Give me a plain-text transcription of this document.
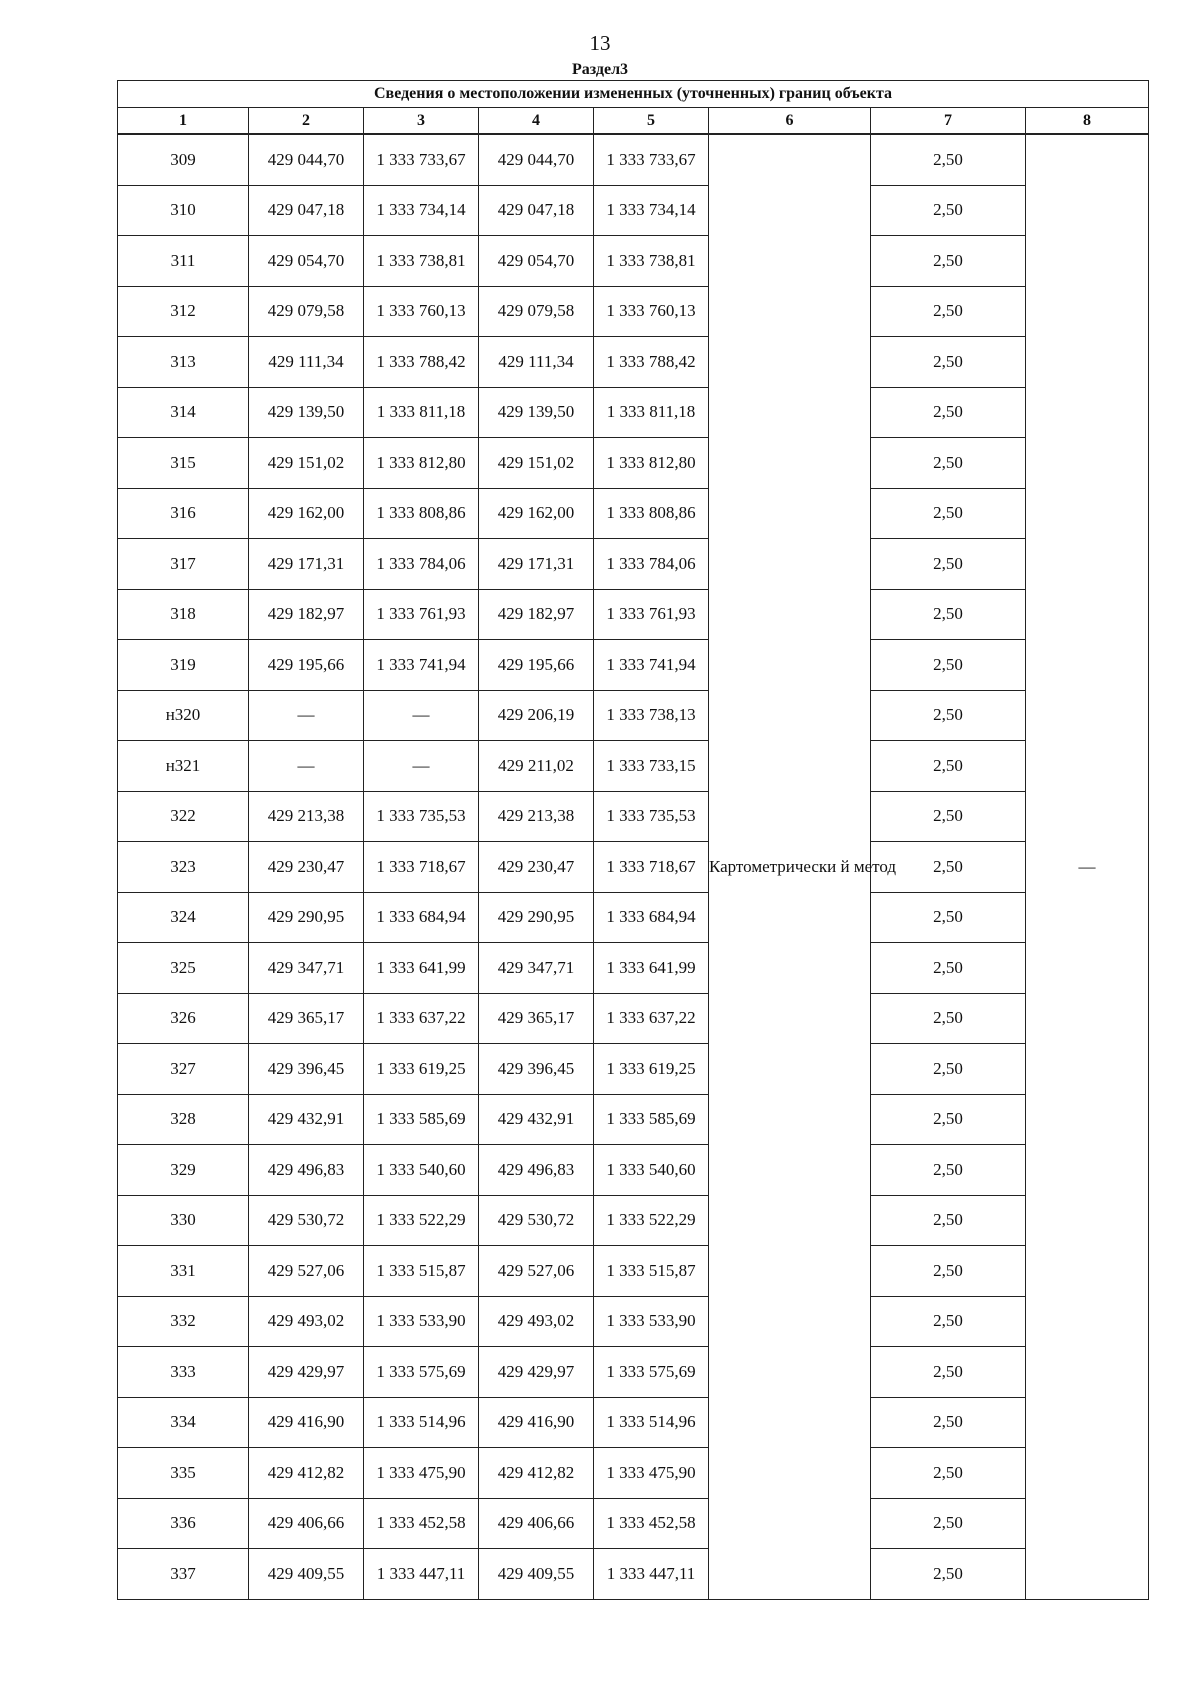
13
Раздел3
Сведения о местоположении измененных (уточненных) границ объекта							
1	2	3	4	5	6	7	8
309	429 044,70	1 333 733,67	429 044,70	1 333 733,67	Картометрически й метод	2,50	—
310	429 047,18	1 333 734,14	429 047,18	1 333 734,14		2,50	
311	429 054,70	1 333 738,81	429 054,70	1 333 738,81		2,50	
312	429 079,58	1 333 760,13	429 079,58	1 333 760,13		2,50	
313	429 111,34	1 333 788,42	429 111,34	1 333 788,42		2,50	
314	429 139,50	1 333 811,18	429 139,50	1 333 811,18		2,50	
315	429 151,02	1 333 812,80	429 151,02	1 333 812,80		2,50	
316	429 162,00	1 333 808,86	429 162,00	1 333 808,86		2,50	
317	429 171,31	1 333 784,06	429 171,31	1 333 784,06		2,50	
318	429 182,97	1 333 761,93	429 182,97	1 333 761,93		2,50	
319	429 195,66	1 333 741,94	429 195,66	1 333 741,94		2,50	
н320	—	—	429 206,19	1 333 738,13		2,50	
н321	—	—	429 211,02	1 333 733,15		2,50	
322	429 213,38	1 333 735,53	429 213,38	1 333 735,53		2,50	
323	429 230,47	1 333 718,67	429 230,47	1 333 718,67		2,50	
324	429 290,95	1 333 684,94	429 290,95	1 333 684,94		2,50	
325	429 347,71	1 333 641,99	429 347,71	1 333 641,99		2,50	
326	429 365,17	1 333 637,22	429 365,17	1 333 637,22		2,50	
327	429 396,45	1 333 619,25	429 396,45	1 333 619,25		2,50	
328	429 432,91	1 333 585,69	429 432,91	1 333 585,69		2,50	
329	429 496,83	1 333 540,60	429 496,83	1 333 540,60		2,50	
330	429 530,72	1 333 522,29	429 530,72	1 333 522,29		2,50	
331	429 527,06	1 333 515,87	429 527,06	1 333 515,87		2,50	
332	429 493,02	1 333 533,90	429 493,02	1 333 533,90		2,50	
333	429 429,97	1 333 575,69	429 429,97	1 333 575,69		2,50	
334	429 416,90	1 333 514,96	429 416,90	1 333 514,96		2,50	
335	429 412,82	1 333 475,90	429 412,82	1 333 475,90		2,50	
336	429 406,66	1 333 452,58	429 406,66	1 333 452,58		2,50	
337	429 409,55	1 333 447,11	429 409,55	1 333 447,11		2,50	
